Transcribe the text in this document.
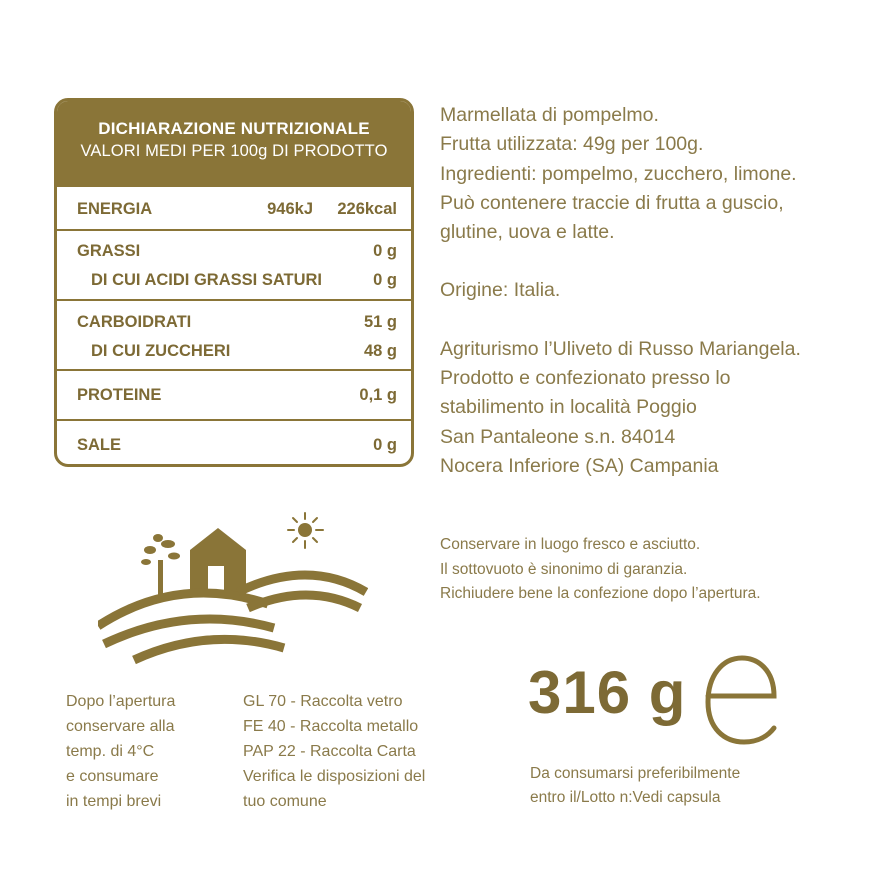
DICHIARAZIONE NUTRIZIONALE
VALORI MEDI PER 100g DI PRODOTTO
ENERGIA	946kJ 226kcal
GRASSI	0 g
DI CUI ACIDI GRASSI SATURI	0 g
CARBOIDRATI	51 g
DI CUI ZUCCHERI	48 g
PROTEINE	0,1 g
SALE	0 g

Marmellata di pompelmo.

Frutta utilizzata: 49g per 100g.

Ingredienti: pompelmo, zucchero, limone.

Può contenere traccie di frutta a guscio,

glutine, uova e latte.

Origine: Italia.

Agriturismo l’Uliveto di Russo Mariangela.

Prodotto e confezionato presso lo

stabilimento in località Poggio

San Pantaleone s.n. 84014

Nocera Inferiore (SA) Campania

Conservare in luogo fresco e asciutto.
Il sottovuoto è sinonimo di garanzia.
Richiudere bene la confezione dopo l’apertura.
Dopo l’apertura
conservare alla
temp. di 4°C
e consumare
in tempi brevi
GL 70 - Raccolta vetro
FE 40 - Raccolta metallo
PAP 22 - Raccolta Carta
Verifica le disposizioni del
tuo comune
316 g
Da consumarsi preferibilmente
entro il/Lotto n:Vedi capsula
